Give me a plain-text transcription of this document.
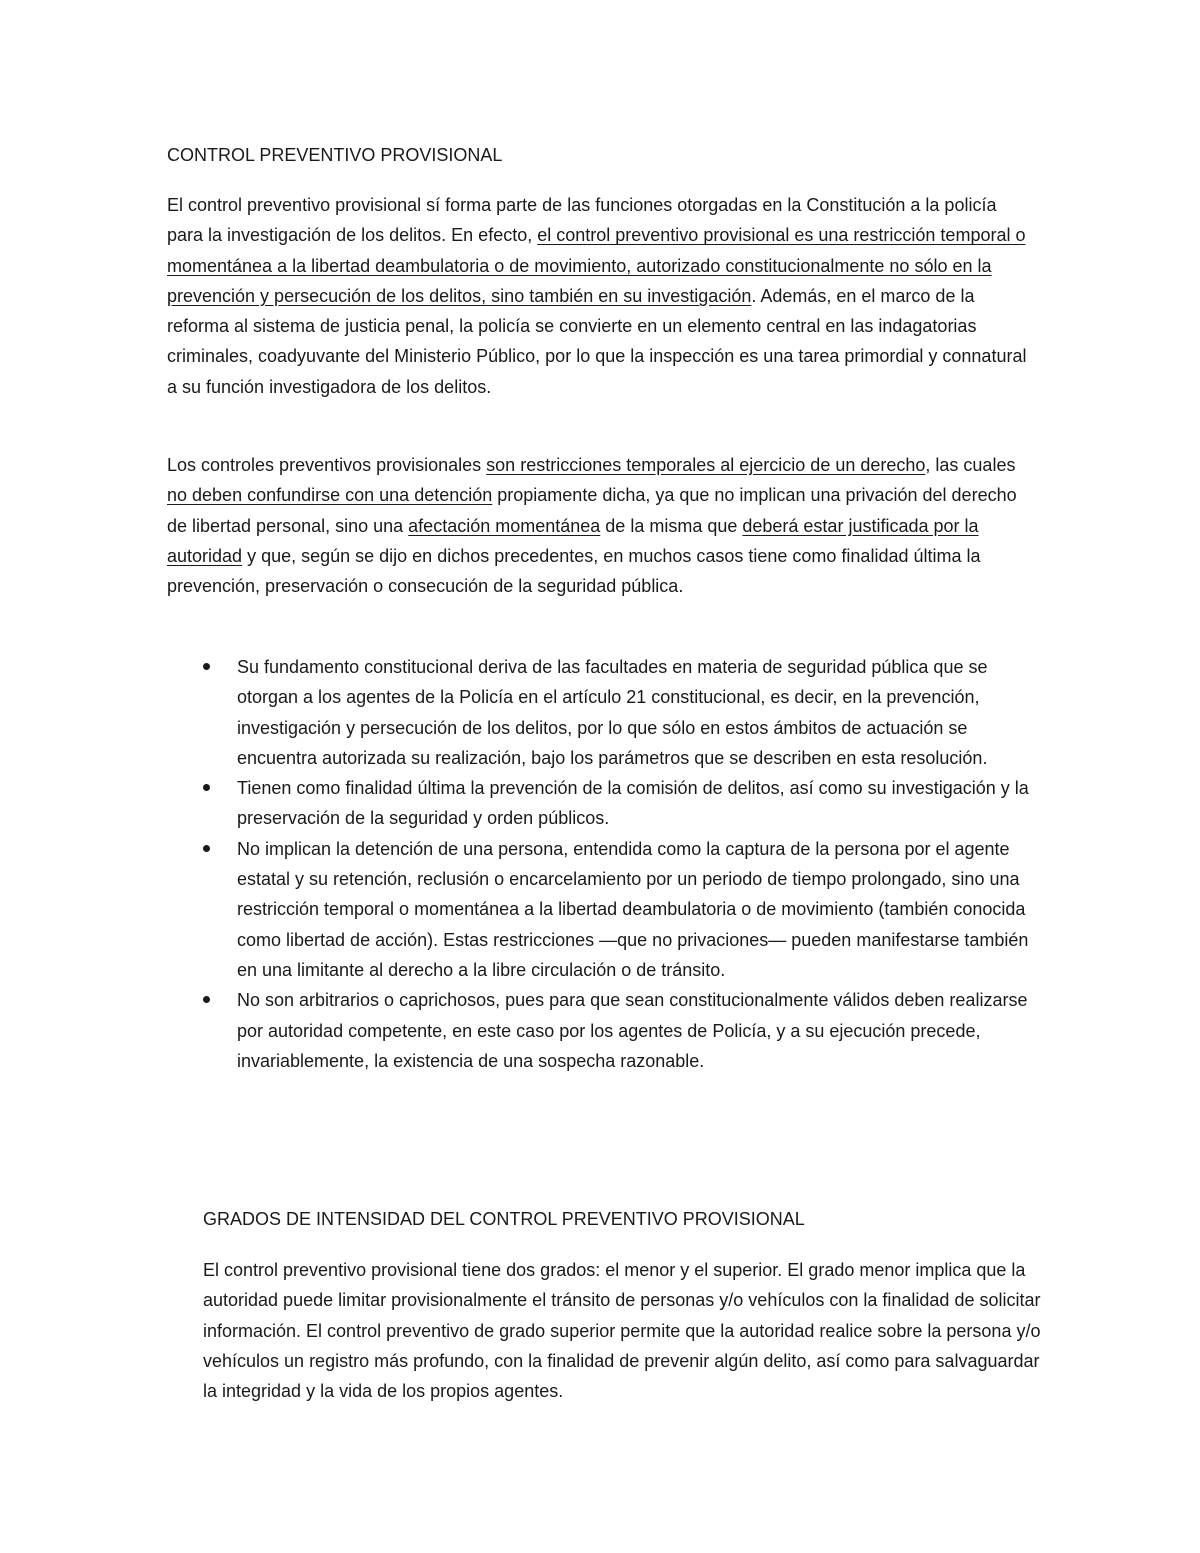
CONTROL PREVENTIVO PROVISIONAL

El control preventivo provisional sí forma parte de las funciones otorgadas en la Constitución a la policía para la investigación de los delitos. En efecto, el control preventivo provisional es una restricción temporal o momentánea a la libertad deambulatoria o de movimiento, autorizado constitucionalmente no sólo en la prevención y persecución de los delitos, sino también en su investigación. Además, en el marco de la reforma al sistema de justicia penal, la policía se convierte en un elemento central en las indagatorias criminales, coadyuvante del Ministerio Público, por lo que la inspección es una tarea primordial y connatural a su función investigadora de los delitos.

Los controles preventivos provisionales son restricciones temporales al ejercicio de un derecho, las cuales no deben confundirse con una detención propiamente dicha, ya que no implican una privación del derecho de libertad personal, sino una afectación momentánea de la misma que deberá estar justificada por la autoridad y que, según se dijo en dichos precedentes, en muchos casos tiene como finalidad última la prevención, preservación o consecución de la seguridad pública.

Su fundamento constitucional deriva de las facultades en materia de seguridad pública que se otorgan a los agentes de la Policía en el artículo 21 constitucional, es decir, en la prevención, investigación y persecución de los delitos, por lo que sólo en estos ámbitos de actuación se encuentra autorizada su realización, bajo los parámetros que se describen en esta resolución.
Tienen como finalidad última la prevención de la comisión de delitos, así como su investigación y la preservación de la seguridad y orden públicos.
No implican la detención de una persona, entendida como la captura de la persona por el agente estatal y su retención, reclusión o encarcelamiento por un periodo de tiempo prolongado, sino una restricción temporal o momentánea a la libertad deambulatoria o de movimiento (también conocida como libertad de acción). Estas restricciones —que no privaciones— pueden manifestarse también en una limitante al derecho a la libre circulación o de tránsito.
No son arbitrarios o caprichosos, pues para que sean constitucionalmente válidos deben realizarse por autoridad competente, en este caso por los agentes de Policía, y a su ejecución precede, invariablemente, la existencia de una sospecha razonable.
GRADOS DE INTENSIDAD DEL CONTROL PREVENTIVO PROVISIONAL

El control preventivo provisional tiene dos grados: el menor y el superior. El grado menor implica que la autoridad puede limitar provisionalmente el tránsito de personas y/o vehículos con la finalidad de solicitar información. El control preventivo de grado superior permite que la autoridad realice sobre la persona y/o vehículos un registro más profundo, con la finalidad de prevenir algún delito, así como para salvaguardar la integridad y la vida de los propios agentes.
